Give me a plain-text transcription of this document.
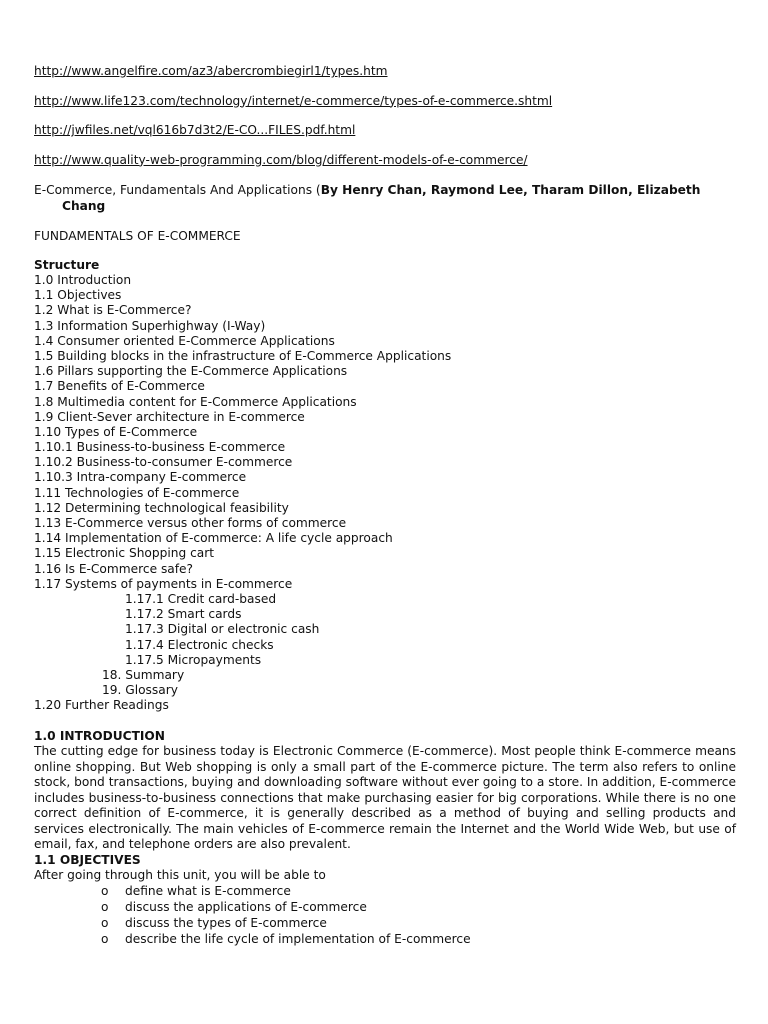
http://www.angelfire.com/az3/abercrombiegirl1/types.htm
http://www.life123.com/technology/internet/e-commerce/types-of-e-commerce.shtml
http://jwfiles.net/vql616b7d3t2/E-CO...FILES.pdf.html
http://www.quality-web-programming.com/blog/different-models-of-e-commerce/
E-Commerce, Fundamentals And Applications (By Henry Chan, Raymond Lee, Tharam Dillon, Elizabeth
Chang
FUNDAMENTALS OF E-COMMERCE
Structure
1.0 Introduction
1.1 Objectives
1.2 What is E-Commerce?
1.3 Information Superhighway (I-Way)
1.4 Consumer oriented E-Commerce Applications
1.5 Building blocks in the infrastructure of E-Commerce Applications
1.6 Pillars supporting the E-Commerce Applications
1.7 Benefits of E-Commerce
1.8 Multimedia content for E-Commerce Applications
1.9 Client-Sever architecture in E-commerce
1.10 Types of E-Commerce
1.10.1 Business-to-business E-commerce
1.10.2 Business-to-consumer E-commerce
1.10.3 Intra-company E-commerce
1.11 Technologies of E-commerce
1.12 Determining technological feasibility
1.13 E-Commerce versus other forms of commerce
1.14 Implementation of E-commerce: A life cycle approach
1.15 Electronic Shopping cart
1.16 Is E-Commerce safe?
1.17 Systems of payments in E-commerce
1.17.1 Credit card-based
1.17.2 Smart cards
1.17.3 Digital or electronic cash
1.17.4 Electronic checks
1.17.5 Micropayments
18. Summary
19. Glossary
1.20 Further Readings
1.0 INTRODUCTION

The cutting edge for business today is Electronic Commerce (E-commerce). Most people think E-commerce means online shopping. But Web shopping is only a small part of the E-commerce picture. The term also refers to online stock, bond transactions, buying and downloading software without ever going to a store. In addition, E-commerce includes business-to-business connections that make purchasing easier for big corporations. While there is no one correct definition of E-commerce, it is generally described as a method of buying and selling products and services electronically. The main vehicles of E-commerce remain the Internet and the World Wide Web, but use of email, fax, and telephone orders are also prevalent.

1.1 OBJECTIVES
After going through this unit, you will be able to
o define what is E-commerce
o discuss the applications of E-commerce
o discuss the types of E-commerce
o describe the life cycle of implementation of E-commerce
